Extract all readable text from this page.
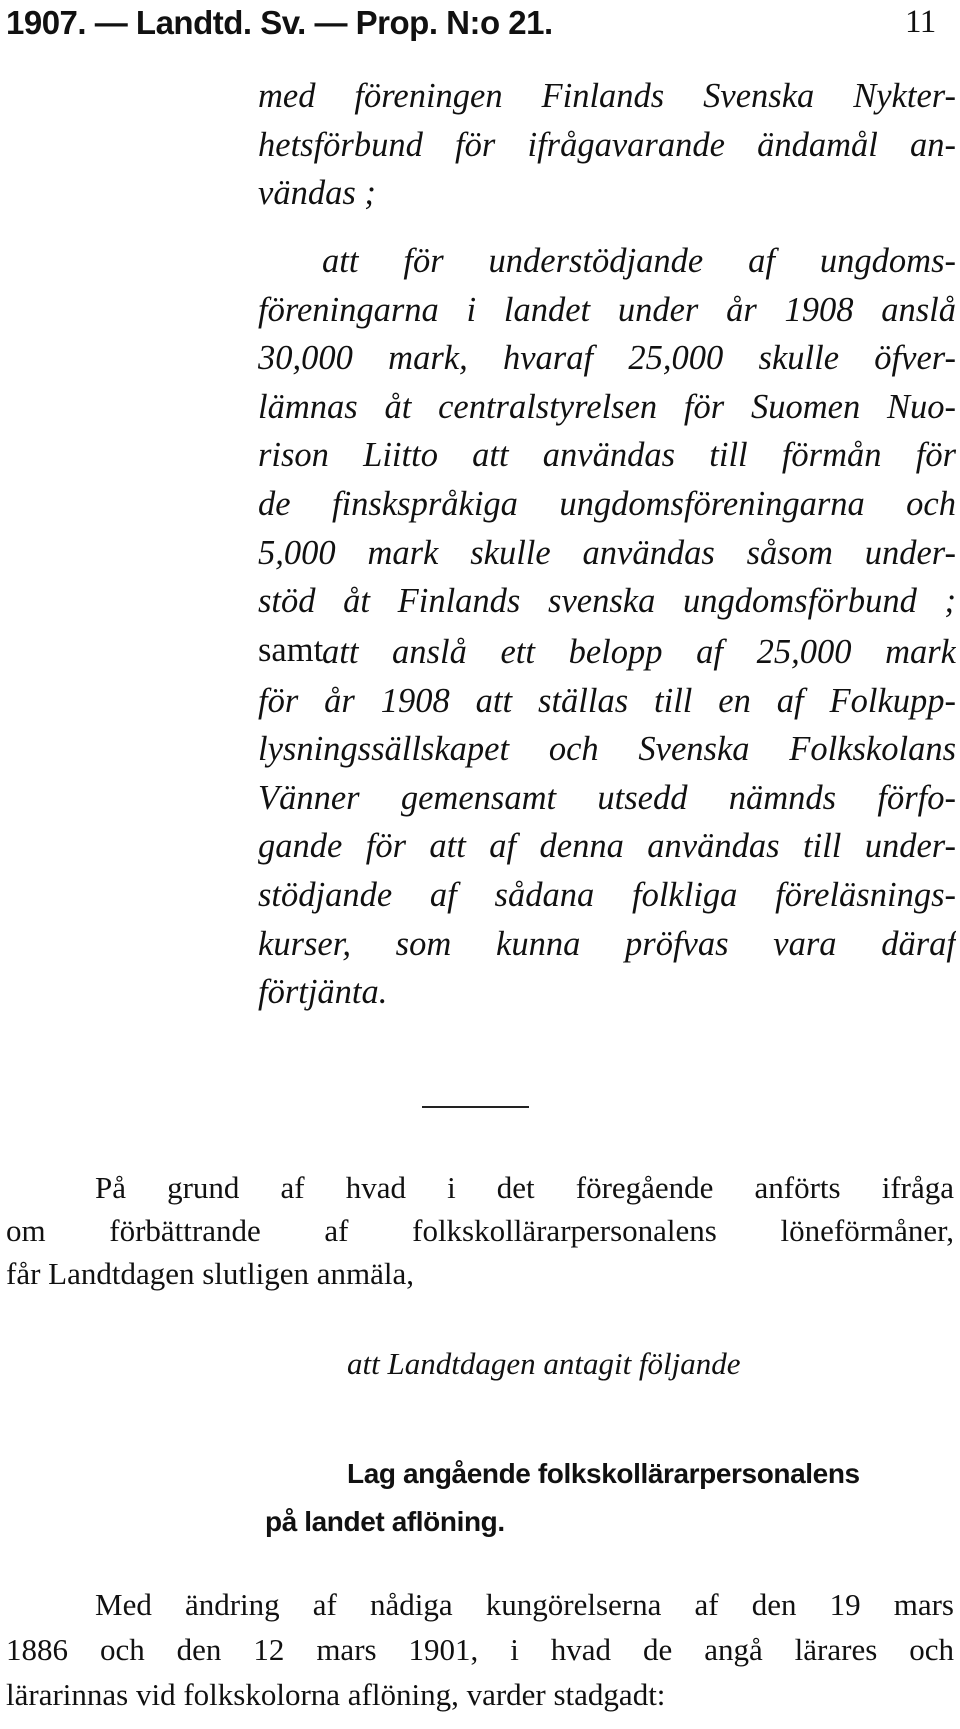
1907. — Landtd. Sv. — Prop. N:o 21.	11
med föreningen Finlands Svenska Nykter-
hetsförbund för ifrågavarande ändamål an-
vändas ;
att för understödjande af ungdoms-
föreningarna i landet under år 1908 anslå
30,000 mark, hvaraf 25,000 skulle öfver-
lämnas åt centralstyrelsen för Suomen Nuo-
rison Liitto att användas till förmån för
de finskspråkiga ungdomsföreningarna och
5,000 mark skulle användas såsom under-
stöd åt Finlands svenska ungdomsförbund ;
samt
att anslå ett belopp af 25,000 mark
för år 1908 att ställas till en af Folkupp-
lysningssällskapet och Svenska Folkskolans
Vänner gemensamt utsedd nämnds förfo-
gande för att af denna användas till under-
stödjande af sådana folkliga föreläsnings-
kurser, som kunna pröfvas vara däraf
förtjänta.
På grund af hvad i det föregående anförts ifråga
om förbättrande af folkskollärarpersonalens löneförmåner,
får Landtdagen slutligen anmäla,
att Landtdagen antagit följande
Lag angående folkskollärarpersonalens
på landet aflöning.
Med ändring af nådiga kungörelserna af den 19 mars
1886 och den 12 mars 1901, i hvad de angå lärares och
lärarinnas vid folkskolorna aflöning, varder stadgadt:
